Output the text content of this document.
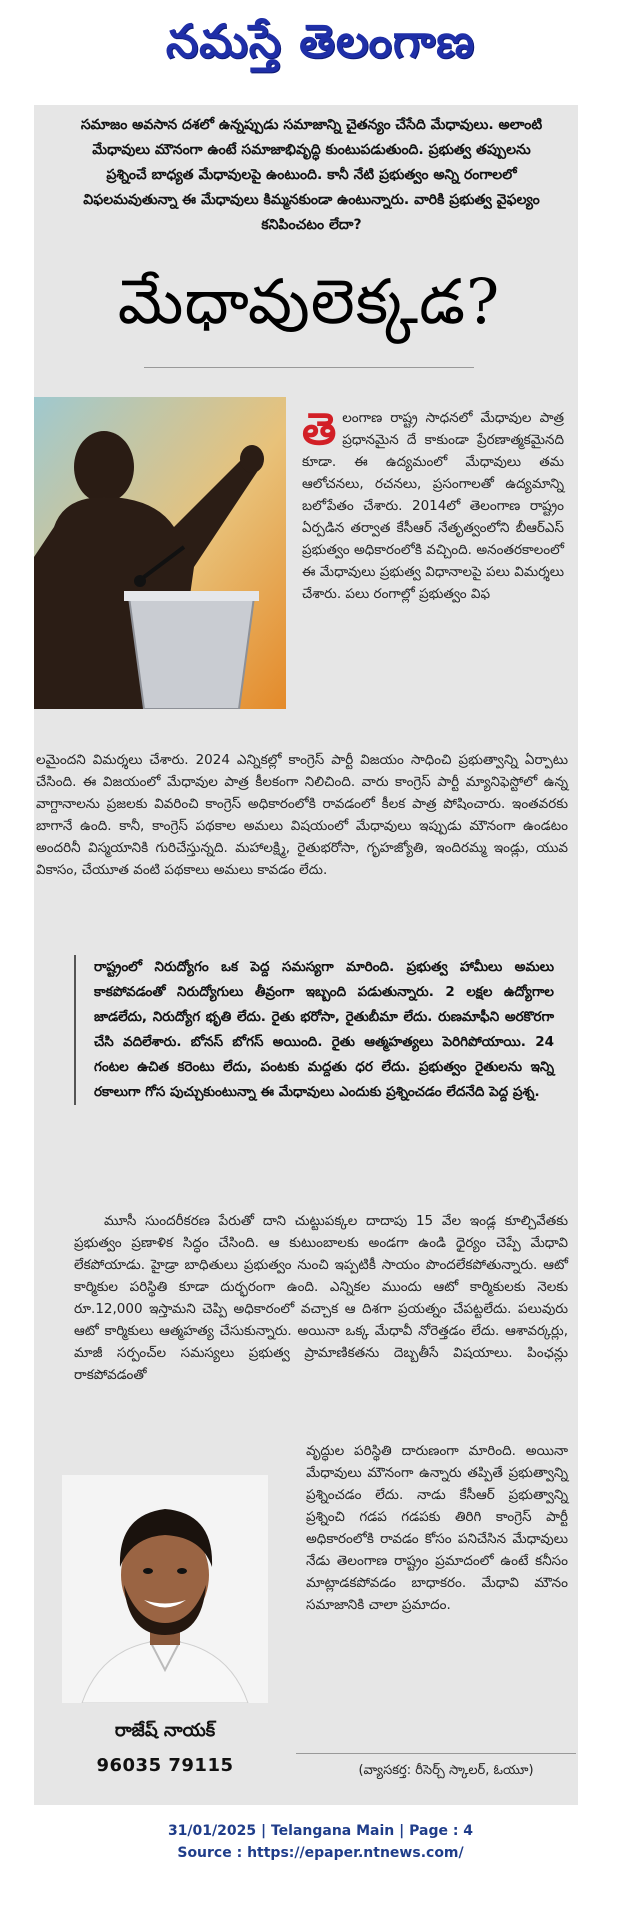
నమస్తే తెలంగాణ
సమాజం అవసాన దశలో ఉన్నప్పుడు సమాజాన్ని చైతన్యం చేసేది మేధావులు. అలాంటి మేధావులు మౌనంగా ఉంటే సమాజాభివృద్ధి కుంటుపడుతుంది. ప్రభుత్వ తప్పులను ప్రశ్నించే బాధ్యత మేధావులపై ఉంటుంది. కానీ నేటి ప్రభుత్వం అన్ని రంగాలలో విఫలమవుతున్నా ఈ మేధావులు కిమ్మనకుండా ఉంటున్నారు. వారికి ప్రభుత్వ వైఫల్యం కనిపించటం లేదా?
మేధావులెక్కడ?
తె లంగాణ రాష్ట్ర సాధనలో మేధావుల పాత్ర ప్రధానమైన దే కాకుండా ప్రేరణాత్మకమైనది కూడా. ఈ ఉద్యమంలో మేధావులు తమ ఆలోచనలు, రచనలు, ప్రసంగాలతో ఉద్యమాన్ని బలోపేతం చేశారు. 2014లో తెలంగాణ రాష్ట్రం ఏర్పడిన తర్వాత కేసీఆర్ నేతృత్వంలోని బీఆర్ఎస్ ప్రభుత్వం అధికారంలోకి వచ్చింది. అనంతరకాలంలో ఈ మేధావులు ప్రభుత్వ విధానాలపై పలు విమర్శలు చేశారు. పలు రంగాల్లో ప్రభుత్వం విఫ
లమైందని విమర్శలు చేశారు. 2024 ఎన్నికల్లో కాంగ్రెస్ పార్టీ విజయం సాధించి ప్రభుత్వాన్ని ఏర్పాటు చేసింది. ఈ విజయంలో మేధావుల పాత్ర కీలకంగా నిలిచింది. వారు కాంగ్రెస్ పార్టీ మ్యానిఫెస్టోలో ఉన్న వాగ్దానాలను ప్రజలకు వివరించి కాంగ్రెస్ అధికారంలోకి రావడంలో కీలక పాత్ర పోషించారు. ఇంతవరకు బాగానే ఉంది. కానీ, కాంగ్రెస్ పథకాల అమలు విషయంలో మేధావులు ఇప్పుడు మౌనంగా ఉండటం అందరినీ విస్మయానికి గురిచేస్తున్నది. మహాలక్ష్మి, రైతుభరోసా, గృహజ్యోతి, ఇందిరమ్మ ఇండ్లు, యువ వికాసం, చేయూత వంటి పథకాలు అమలు కావడం లేదు.
రాష్ట్రంలో నిరుద్యోగం ఒక పెద్ద సమస్యగా మారింది. ప్రభుత్వ హామీలు అమలు కాకపోవడంతో నిరుద్యోగులు తీవ్రంగా ఇబ్బంది పడుతున్నారు. 2 లక్షల ఉద్యోగాల జాడలేదు, నిరుద్యోగ భృతి లేదు. రైతు భరోసా, రైతుబీమా లేదు. రుణమాఫీని అరకొరగా చేసి వదిలేశారు. బోనస్ బోగస్ అయింది. రైతు ఆత్మహత్యలు పెరిగిపోయాయి. 24 గంటల ఉచిత కరెంటు లేదు, పంటకు మద్దతు ధర లేదు. ప్రభుత్వం రైతులను ఇన్ని రకాలుగా గోస పుచ్చుకుంటున్నా ఈ మేధావులు ఎందుకు ప్రశ్నించడం లేదనేది పెద్ద ప్రశ్న.
మూసీ సుందరీకరణ పేరుతో దాని చుట్టుపక్కల దాదాపు 15 వేల ఇండ్ల కూల్చివేతకు ప్రభుత్వం ప్రణాళిక సిద్ధం చేసింది. ఆ కుటుంబాలకు అండగా ఉండి ధైర్యం చెప్పే మేధావి లేకపోయాడు. హైడ్రా బాధితులు ప్రభుత్వం నుంచి ఇప్పటికీ సాయం పొందలేకపోతున్నారు. ఆటో కార్మికుల పరిస్థితి కూడా దుర్భరంగా ఉంది. ఎన్నికల ముందు ఆటో కార్మికులకు నెలకు రూ.12,000 ఇస్తామని చెప్పి అధికారంలో వచ్చాక ఆ దిశగా ప్రయత్నం చేపట్టలేదు. పలువురు ఆటో కార్మికులు ఆత్మహత్య చేసుకున్నారు. అయినా ఒక్క మేధావీ నోరెత్తడం లేదు. ఆశావర్కర్లు, మాజీ సర్పంచ్‌ల సమస్యలు ప్రభుత్వ ప్రామాణికతను దెబ్బతీసే విషయాలు. పింఛన్లు రాకపోవడంతో
వృద్ధుల పరిస్థితి దారుణంగా మారింది. అయినా మేధావులు మౌనంగా ఉన్నారు తప్పితే ప్రభుత్వాన్ని ప్రశ్నించడం లేదు. నాడు కేసీఆర్ ప్రభుత్వాన్ని ప్రశ్నించి గడప గడపకు తిరిగి కాంగ్రెస్ పార్టీ అధికారంలోకి రావడం కోసం పనిచేసిన మేధావులు నేడు తెలంగాణ రాష్ట్రం ప్రమాదంలో ఉంటే కనీసం మాట్లాడకపోవడం బాధాకరం. మేధావి మౌనం సమాజానికి చాలా ప్రమాదం.
రాజేష్ నాయక్
96035 79115	(వ్యాసకర్త: రీసెర్చ్ స్కాలర్, ఓయూ)
31/01/2025 | Telangana Main | Page : 4
Source : https://epaper.ntnews.com/
